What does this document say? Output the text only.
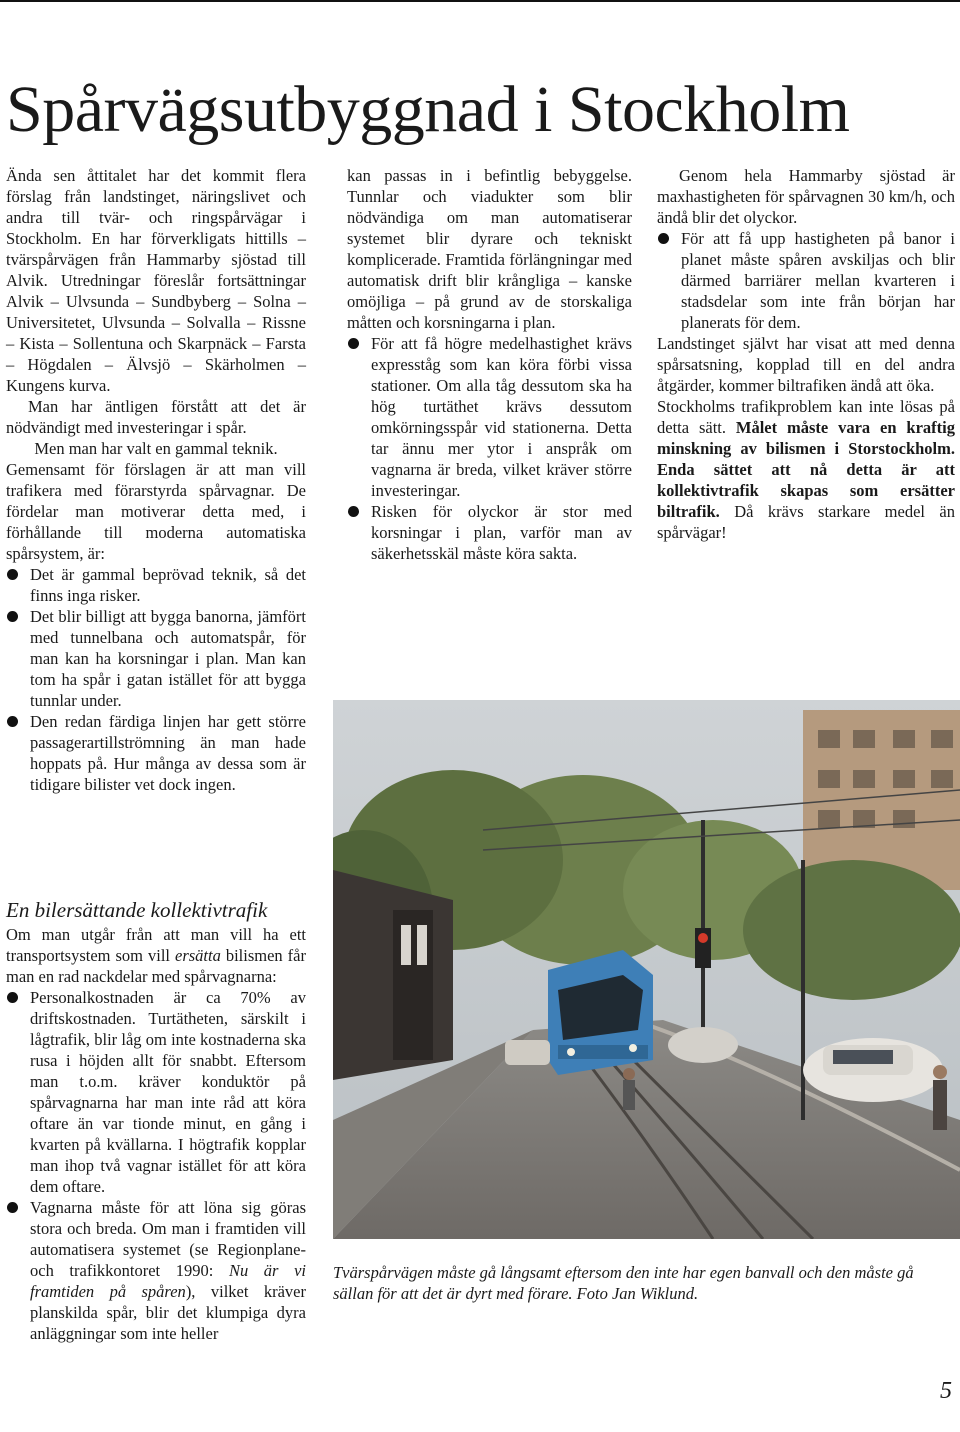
Spårvägsutbyggnad i Stockholm

Ända sen åttitalet har det kommit flera förslag från landstinget, näringslivet och andra till tvär- och ringspårvägar i Stockholm. En har förverkligats hittills – tvärspårvägen från Hammarby sjöstad till Alvik. Utredningar föreslår fortsättningar Alvik – Ulvsunda – Sundbyberg – Solna – Universitetet, Ulvsunda – Solvalla – Rissne – Kista – Sollentuna och Skarpnäck – Farsta – Högdalen – Älvsjö – Skärholmen – Kungens kurva.

Man har äntligen förstått att det är nödvändigt med investeringar i spår.

Men man har valt en gammal teknik.

Gemensamt för förslagen är att man vill trafikera med förarstyrda spårvagnar. De fördelar man motiverar detta med, i förhållande till moderna automatiska spårsystem, är:

Det är gammal beprövad teknik, så det finns inga risker.

Det blir billigt att bygga banorna, jämfört med tunnelbana och automatspår, för man kan ha korsningar i plan. Man kan tom ha spår i gatan istället för att bygga tunnlar under.

Den redan färdiga linjen har gett större passagerartillströmning än man hade hoppats på. Hur många av dessa som är tidigare bilister vet dock ingen.

En bilersättande kollektivtrafik

Om man utgår från att man vill ha ett transportsystem som vill ersätta bilismen får man en rad nackdelar med spårvagnarna:

Personalkostnaden är ca 70% av driftskostnaden. Turtätheten, särskilt i lågtrafik, blir låg om inte kostnaderna ska rusa i höjden allt för snabbt. Eftersom man t.o.m. kräver konduktör på spårvagnarna har man inte råd att köra oftare än var tionde minut, en gång i kvarten på kvällarna. I högtrafik kopplar man ihop två vagnar istället för att köra dem oftare.

Vagnarna måste för att löna sig göras stora och breda. Om man i framtiden vill automatisera systemet (se Regionplane- och trafikkontoret 1990: Nu är vi framtiden på spåren), vilket kräver planskilda spår, blir det klumpiga dyra anläggningar som inte heller

kan passas in i befintlig bebyggelse. Tunnlar och viadukter som blir nödvändiga om man automatiserar systemet blir dyrare och tekniskt komplicerade. Framtida förlängningar med automatisk drift blir krångliga – kanske omöjliga – på grund av de storskaliga måtten och korsningarna i plan.

För att få högre medelhastighet krävs expresståg som kan köra förbi vissa stationer. Om alla tåg dessutom ska ha hög turtäthet krävs dessutom omkörningsspår vid stationerna. Detta tar ännu mer ytor i anspråk om vagnarna är breda, vilket kräver större investeringar.

Risken för olyckor är stor med korsningar i plan, varför man av säkerhetsskäl måste köra sakta.

Genom hela Hammarby sjöstad är maxhastigheten för spårvagnen 30 km/h, och ändå blir det olyckor.

För att få upp hastigheten på banor i planet måste spåren avskiljas och blir därmed barriärer mellan kvarteren i stadsdelar som inte från början har planerats för dem.

Landstinget självt har visat att med denna spårsatsning, kopplad till en del andra åtgärder, kommer biltrafiken ändå att öka.

Stockholms trafikproblem kan inte lösas på detta sätt. Målet måste vara en kraftig minskning av bilismen i Storstockholm. Enda sättet att nå detta är att kollektivtrafik skapas som ersätter biltrafik. Då krävs starkare medel än spårvägar!

Tvärspårvägen måste gå långsamt eftersom den inte har egen banvall och den måste gå sällan för att det är dyrt med förare. Foto Jan Wiklund.

5
